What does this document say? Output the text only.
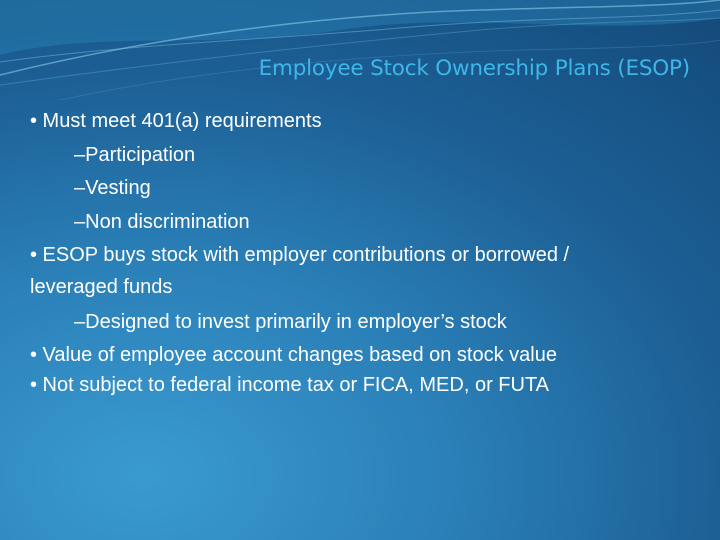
Employee Stock Ownership Plans (ESOP)
• Must meet 401(a) requirements
–Participation
–Vesting
–Non discrimination
• ESOP buys stock with employer contributions or borrowed /
leveraged funds
–Designed to invest primarily in employer’s stock
• Value of employee account changes based on stock value
• Not subject to federal income tax or FICA, MED, or FUTA
